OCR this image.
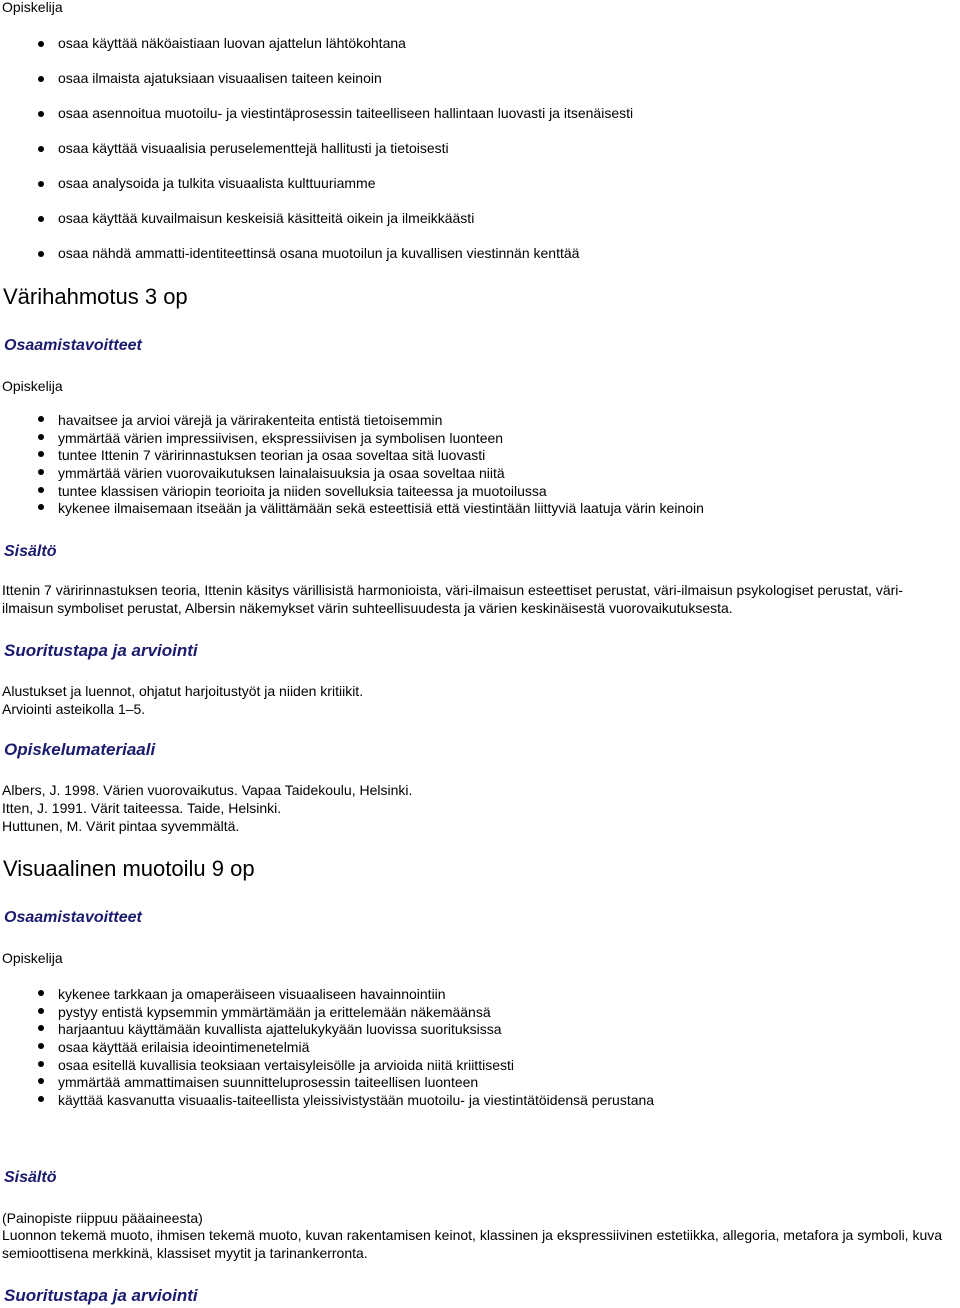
Opiskelija

osaa käyttää näköaistiaan luovan ajattelun lähtökohtana
osaa ilmaista ajatuksiaan visuaalisen taiteen keinoin
osaa asennoitua muotoilu- ja viestintäprosessin taiteelliseen hallintaan luovasti ja itsenäisesti
osaa käyttää visuaalisia peruselementtejä hallitusti ja tietoisesti
osaa analysoida ja tulkita visuaalista kulttuuriamme
osaa käyttää kuvailmaisun keskeisiä käsitteitä oikein ja ilmeikkäästi
osaa nähdä ammatti-identiteettinsä osana muotoilun ja kuvallisen viestinnän kenttää
Värihahmotus 3 op
Osaamistavoitteet

Opiskelija

havaitsee ja arvioi värejä ja värirakenteita entistä tietoisemmin
ymmärtää värien impressiivisen, ekspressiivisen ja symbolisen luonteen
tuntee Ittenin 7 väririnnastuksen teorian ja osaa soveltaa sitä luovasti
ymmärtää värien vuorovaikutuksen lainalaisuuksia ja osaa soveltaa niitä
tuntee klassisen väriopin teorioita ja niiden sovelluksia taiteessa ja muotoilussa
kykenee ilmaisemaan itseään ja välittämään sekä esteettisiä että viestintään liittyviä laatuja värin keinoin
Sisältö

Ittenin 7 väririnnastuksen teoria, Ittenin käsitys värillisistä harmonioista, väri-ilmaisun esteettiset perustat, väri-ilmaisun psykologiset perustat, väri-ilmaisun symboliset perustat, Albersin näkemykset värin suhteellisuudesta ja värien keskinäisestä vuorovaikutuksesta.

Suoritustapa ja arviointi

Alustukset ja luennot, ohjatut harjoitustyöt ja niiden kritiikit.

Arviointi asteikolla 1–5.

Opiskelumateriaali

Albers, J. 1998. Värien vuorovaikutus. Vapaa Taidekoulu, Helsinki.

Itten, J. 1991. Värit taiteessa. Taide, Helsinki.

Huttunen, M. Värit pintaa syvemmältä.

Visuaalinen muotoilu 9 op
Osaamistavoitteet

Opiskelija

kykenee tarkkaan ja omaperäiseen visuaaliseen havainnointiin
pystyy entistä kypsemmin ymmärtämään ja erittelemään näkemäänsä
harjaantuu käyttämään kuvallista ajattelukykyään luovissa suorituksissa
osaa käyttää erilaisia ideointimenetelmiä
osaa esitellä kuvallisia teoksiaan vertaisyleisölle ja arvioida niitä kriittisesti
ymmärtää ammattimaisen suunnitteluprosessin taiteellisen luonteen
käyttää kasvanutta visuaalis-taiteellista yleissivistystään muotoilu- ja viestintätöidensä perustana
Sisältö

(Painopiste riippuu pääaineesta)

Luonnon tekemä muoto, ihmisen tekemä muoto, kuvan rakentamisen keinot, klassinen ja ekspressiivinen estetiikka, allegoria, metafora ja symboli, kuva semioottisena merkkinä, klassiset myytit ja tarinankerronta.

Suoritustapa ja arviointi
